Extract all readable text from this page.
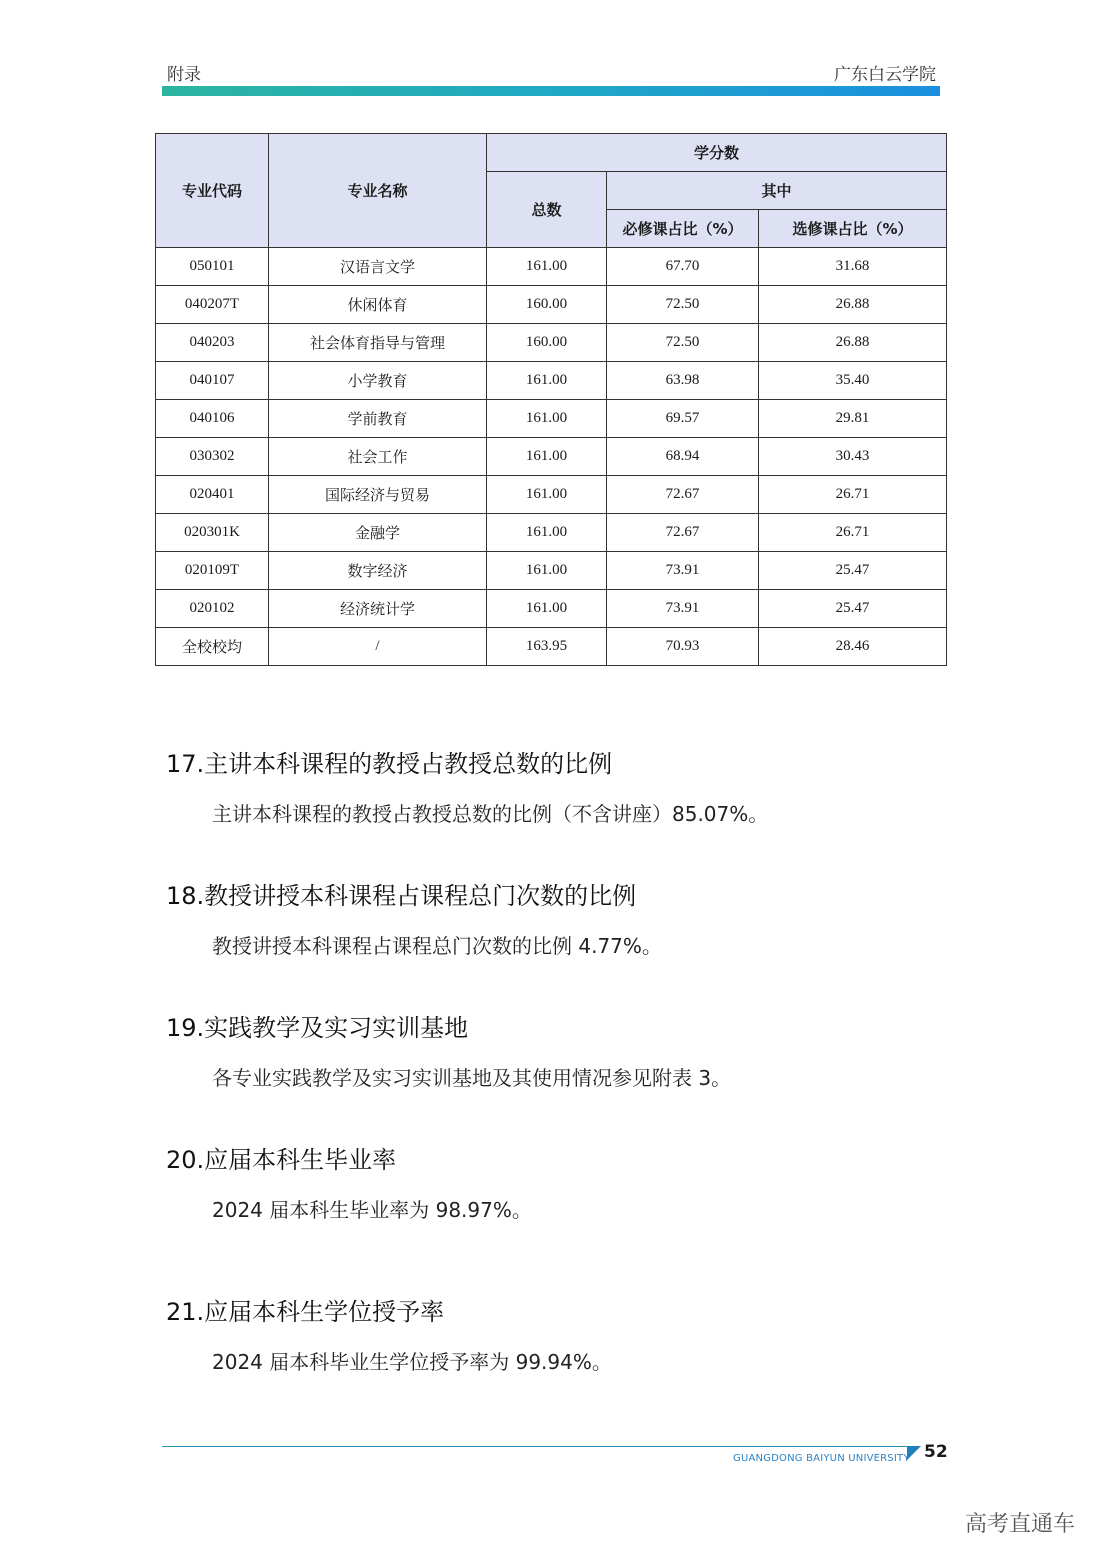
附录	广东白云学院
专业代码	专业名称	学分数		
		总数	其中	
			必修课占比（%）	选修课占比（%）
050101	汉语言文学	161.00	67.70	31.68
040207T	休闲体育	160.00	72.50	26.88
040203	社会体育指导与管理	160.00	72.50	26.88
040107	小学教育	161.00	63.98	35.40
040106	学前教育	161.00	69.57	29.81
030302	社会工作	161.00	68.94	30.43
020401	国际经济与贸易	161.00	72.67	26.71
020301K	金融学	161.00	72.67	26.71
020109T	数字经济	161.00	73.91	25.47
020102	经济统计学	161.00	73.91	25.47
全校校均	/	163.95	70.93	28.46
17.主讲本科课程的教授占教授总数的比例
主讲本科课程的教授占教授总数的比例（不含讲座）85.07%。
18.教授讲授本科课程占课程总门次数的比例
教授讲授本科课程占课程总门次数的比例 4.77%。
19.实践教学及实习实训基地
各专业实践教学及实习实训基地及其使用情况参见附表 3。
20.应届本科生毕业率
2024 届本科生毕业率为 98.97%。
21.应届本科生学位授予率
2024 届本科毕业生学位授予率为 99.94%。
GUANGDONG BAIYUN UNIVERSITY 52
高考直通车
